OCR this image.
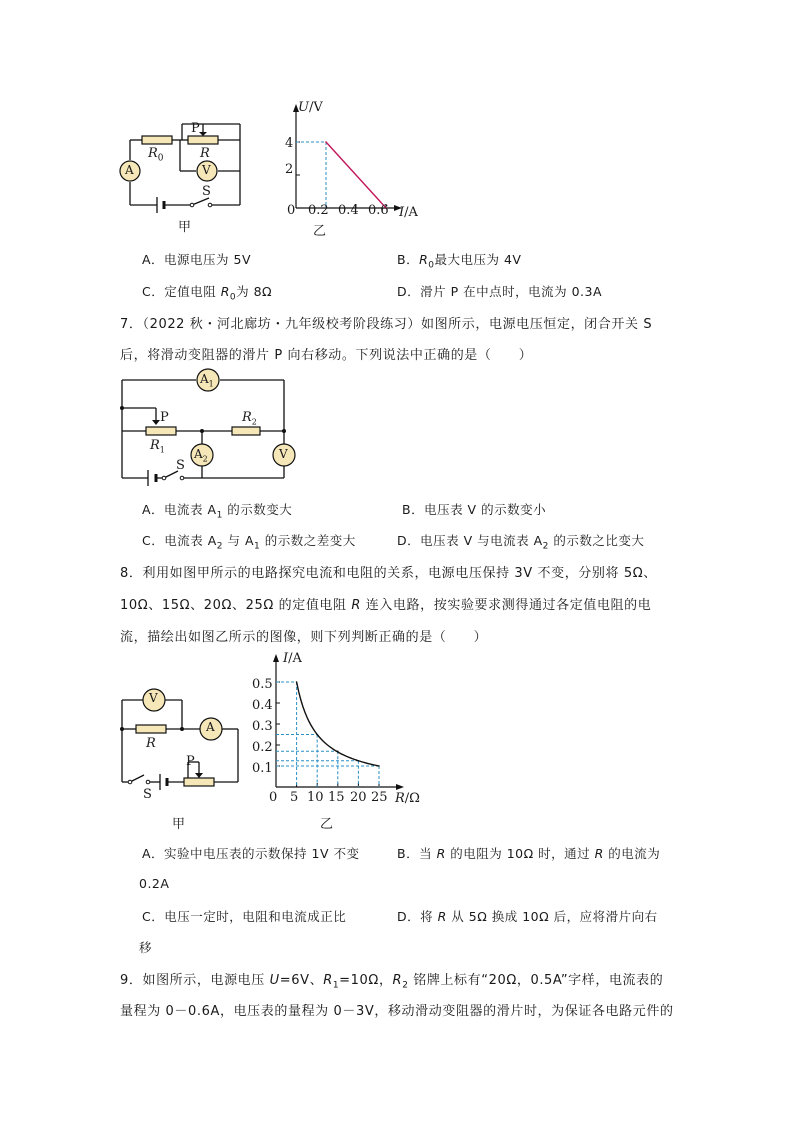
A	V
P
$R_0$	R
S
甲
U/V
I/A
4
2
0 0.2 0.4 0.6
乙
A．电源电压为 5V	B．$R_0$最大电压为 4V
C．定值电阻 $R_0$为 8Ω	D．滑片 P 在中点时，电流为 0.3A
7．（2022 秋・河北廊坊・九年级校考阶段练习）如图所示，电源电压恒定，闭合开关 S
后，将滑动变阻器的滑片 P 向右移动。下列说法中正确的是（　　）
$A_1$
$A_2$	V
P
$R_1$
$R_2$
S
A．电流表 $A_1$ 的示数变大	B．电压表 V 的示数变小
C．电流表 $A_2$ 与 $A_1$ 的示数之差变大	D．电压表 V 与电流表 $A_2$ 的示数之比变大
8．利用如图甲所示的电路探究电流和电阻的关系，电源电压保持 3V 不变，分别将 5Ω、
10Ω、15Ω、20Ω、25Ω 的定值电阻 R 连入电路，按实验要求测得通过各定值电阻的电
流，描绘出如图乙所示的图像，则下列判断正确的是（　　）
V
A
R
P
S
甲
I/A
R/Ω
0.5
0.4
0.3
0.2
0.1
0 5 10 15 20 25
乙
A．实验中电压表的示数保持 1V 不变	B．当 R 的电阻为 10Ω 时，通过 R 的电流为
0.2A
C．电压一定时，电阻和电流成正比	D．将 R 从 5Ω 换成 10Ω 后，应将滑片向右
移
9．如图所示，电源电压 U=6V、$R_1=10\Omega$，$R_2$ 铭牌上标有“20Ω，0.5A”字样，电流表的
量程为 0－0.6A，电压表的量程为 0－3V，移动滑动变阻器的滑片时，为保证各电路元件的
